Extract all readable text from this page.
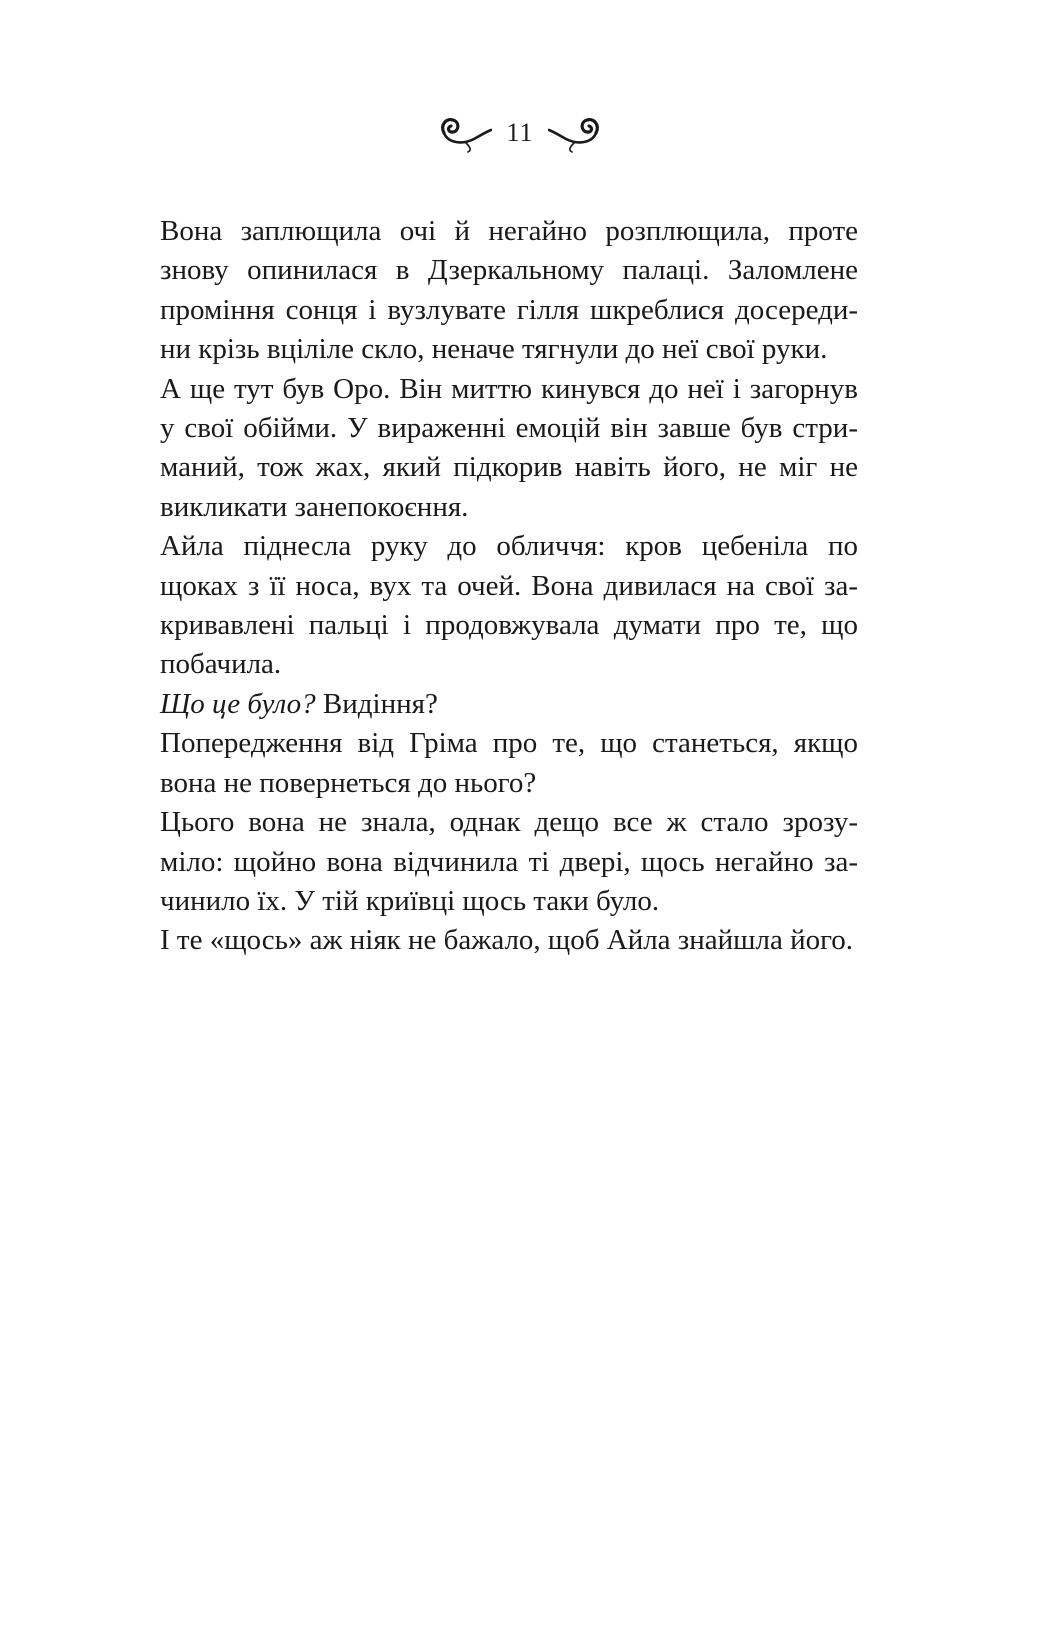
11

Вона заплющила очі й негайно розплющила, проте
знову опинилася в Дзеркальному палаці. Заломлене
проміння сонця і вузлувате гілля шкреблися досереди-
ни крізь вціліле скло, неначе тягнули до неї свої руки.

А ще тут був Оро. Він миттю кинувся до неї і загорнув
у свої обійми. У вираженні емоцій він завше був стри-
маний, тож жах, який підкорив навіть його, не міг не
викликати занепокоєння.

Айла піднесла руку до обличчя: кров цебеніла по
щоках з її носа, вух та очей. Вона дивилася на свої за-
кривавлені пальці і продовжувала думати про те, що
побачила.

Що це було? Видіння?

Попередження від Гріма про те, що станеться, якщо
вона не повернеться до нього?

Цього вона не знала, однак дещо все ж стало зрозу-
міло: щойно вона відчинила ті двері, щось негайно за-
чинило їх. У тій криївці щось таки було.

І те «щось» аж ніяк не бажало, щоб Айла знайшла його.
